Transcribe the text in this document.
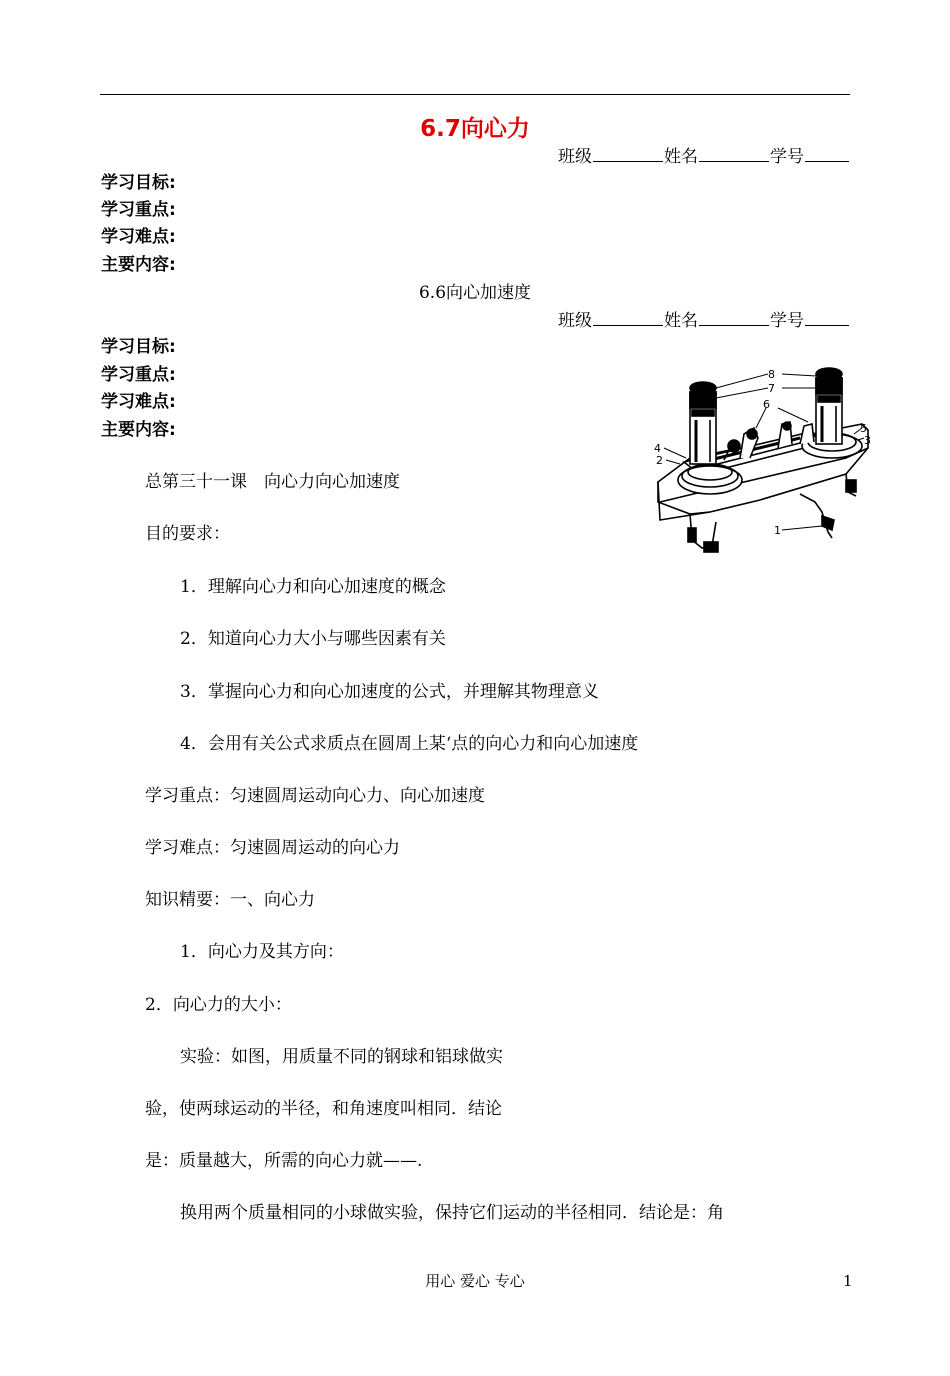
6.7向心力
班级	姓名	学号
学习目标:
学习重点:
学习难点:
主要内容:
6.6向心加速度
班级	姓名	学号
学习目标:
学习重点:
学习难点:
主要内容:
8
7
6
5
3
4
2
1
总第三十一课　向心力向心加速度
目的要求：
1．理解向心力和向心加速度的概念
2．知道向心力大小与哪些因素有关
3．掌握向心力和向心加速度的公式，并理解其物理意义
4．会用有关公式求质点在圆周上某‘点的向心力和向心加速度
学习重点：匀速圆周运动向心力、向心加速度
学习难点：匀速圆周运动的向心力
知识精要：一、向心力
1．向心力及其方向：
2．向心力的大小：
实验：如图，用质量不同的钢球和铝球做实
验，使两球运动的半径，和角速度叫相同．结论
是：质量越大，所需的向心力就——.
换用两个质量相同的小球做实验，保持它们运动的半径相同．结论是：角
用心 爱心 专心	1
